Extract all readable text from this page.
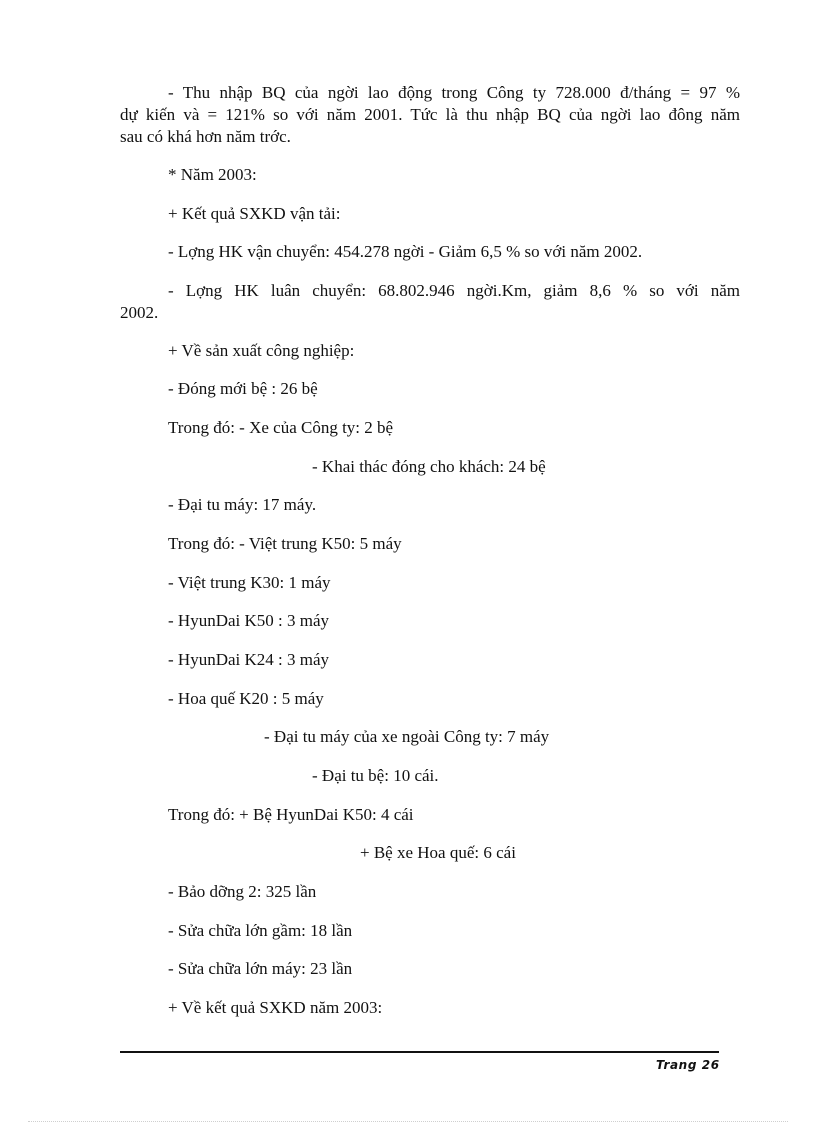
- Thu nhập BQ của ngời lao động trong Công ty 728.000 đ/tháng = 97 %
dự kiến và = 121% so với năm 2001. Tức là thu nhập BQ của ngời lao đông năm
sau có khá hơn năm trớc.
* Năm 2003:
+ Kết quả SXKD vận tải:
- Lợng HK vận chuyển: 454.278 ngời - Giảm 6,5 % so với năm 2002.
- Lợng HK luân chuyển: 68.802.946 ngời.Km, giảm 8,6 % so với năm
2002.
+ Về sản xuất công nghiệp:
- Đóng mới bệ : 26 bệ
Trong đó: - Xe của Công ty: 2 bệ
- Khai thác đóng cho khách: 24 bệ
- Đại tu máy: 17 máy.
Trong đó: - Việt trung K50: 5 máy
- Việt trung K30: 1 máy
- HyunDai K50 : 3 máy
- HyunDai K24 : 3 máy
- Hoa quế K20 : 5 máy
- Đại tu máy của xe ngoài Công ty: 7 máy
- Đại tu bệ: 10 cái.
Trong đó: + Bệ HyunDai K50: 4 cái
+ Bệ xe Hoa quế: 6 cái
- Bảo dỡng 2: 325 lần
- Sửa chữa lớn gầm: 18 lần
- Sửa chữa lớn máy: 23 lần
+ Về kết quả SXKD năm 2003:
Trang 26
